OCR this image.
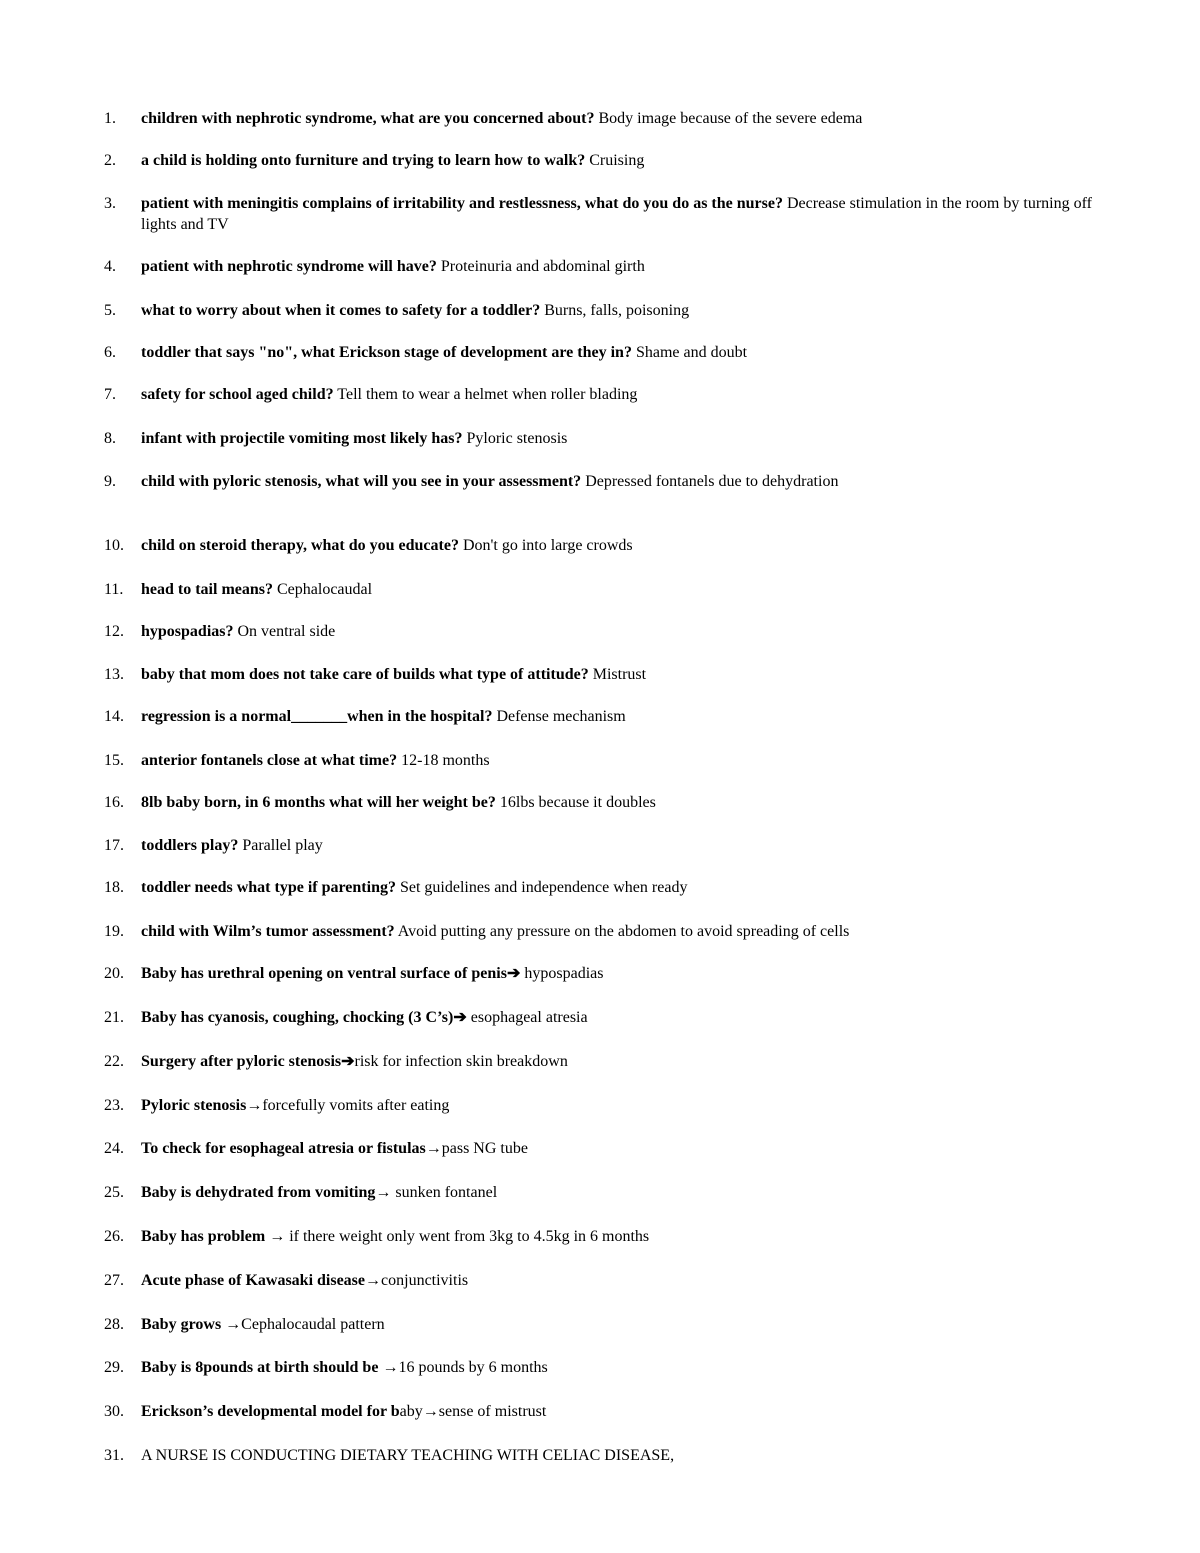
1. children with nephrotic syndrome, what are you concerned about? Body image because of the severe edema
2. a child is holding onto furniture and trying to learn how to walk? Cruising
3. patient with meningitis complains of irritability and restlessness, what do you do as the nurse? Decrease stimulation in the room by turning off lights and TV
4. patient with nephrotic syndrome will have? Proteinuria and abdominal girth
5. what to worry about when it comes to safety for a toddler? Burns, falls, poisoning
6. toddler that says "no", what Erickson stage of development are they in? Shame and doubt
7. safety for school aged child? Tell them to wear a helmet when roller blading
8. infant with projectile vomiting most likely has? Pyloric stenosis
9. child with pyloric stenosis, what will you see in your assessment? Depressed fontanels due to dehydration
10. child on steroid therapy, what do you educate? Don't go into large crowds
11. head to tail means? Cephalocaudal
12. hypospadias? On ventral side
13. baby that mom does not take care of builds what type of attitude? Mistrust
14. regression is a normal_______when in the hospital? Defense mechanism
15. anterior fontanels close at what time? 12-18 months
16. 8lb baby born, in 6 months what will her weight be? 16lbs because it doubles
17. toddlers play? Parallel play
18. toddler needs what type if parenting? Set guidelines and independence when ready
19. child with Wilm’s tumor assessment? Avoid putting any pressure on the abdomen to avoid spreading of cells
20. Baby has urethral opening on ventral surface of penis➔ hypospadias
21. Baby has cyanosis, coughing, chocking (3 C’s)➔ esophageal atresia
22. Surgery after pyloric stenosis➔risk for infection skin breakdown
23. Pyloric stenosis→forcefully vomits after eating
24. To check for esophageal atresia or fistulas→pass NG tube
25. Baby is dehydrated from vomiting→ sunken fontanel
26. Baby has problem → if there weight only went from 3kg to 4.5kg in 6 months
27. Acute phase of Kawasaki disease→conjunctivitis
28. Baby grows →Cephalocaudal pattern
29. Baby is 8pounds at birth should be →16 pounds by 6 months
30. Erickson’s developmental model for baby→sense of mistrust
31. A NURSE IS CONDUCTING DIETARY TEACHING WITH CELIAC DISEASE,
